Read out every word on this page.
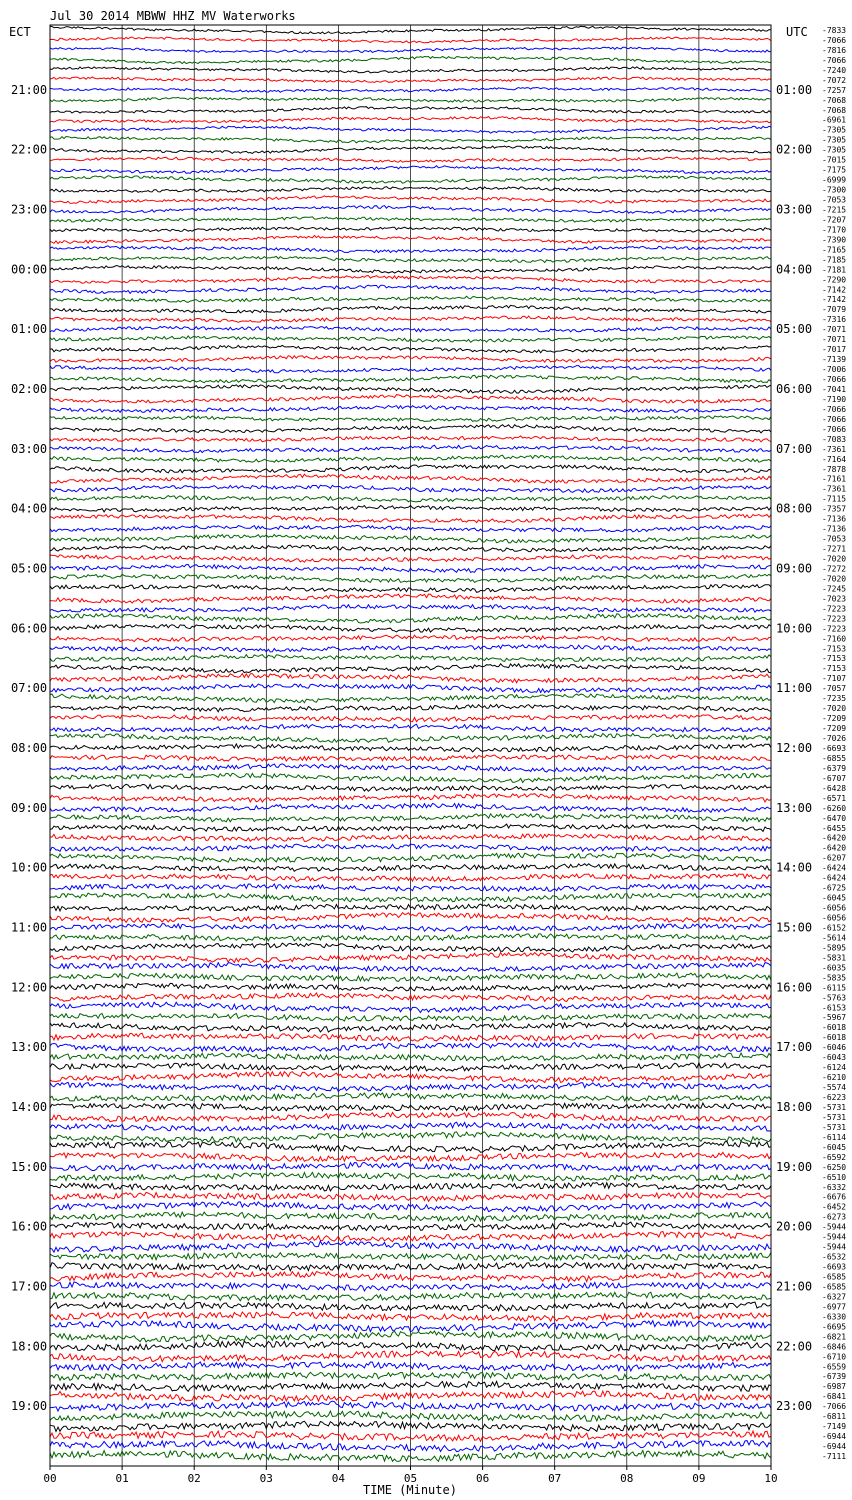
Jul 30 2014 MBWW HHZ MV Waterworks
ECT	UTC
21:00
22:00
23:00
00:00
01:00
02:00
03:00
04:00
05:00
06:00
07:00
08:00
09:00
10:00
11:00
12:00
13:00
14:00
15:00
16:00
17:00
18:00
19:00
01:00
02:00
03:00
04:00
05:00
06:00
07:00
08:00
09:00
10:00
11:00
12:00
13:00
14:00
15:00
16:00
17:00
18:00
19:00
20:00
21:00
22:00
23:00
-7833
-7066
-7816
-7066
-7240
-7072
-7257
-7068
-7068
-6961
-7305
-7305
-7305
-7015
-7175
-6999
-7300
-7053
-7215
-7207
-7170
-7390
-7165
-7185
-7181
-7290
-7142
-7142
-7079
-7316
-7071
-7071
-7017
-7139
-7006
-7066
-7041
-7190
-7066
-7066
-7066
-7083
-7361
-7164
-7878
-7161
-7361
-7115
-7357
-7136
-7136
-7053
-7271
-7020
-7272
-7020
-7245
-7023
-7223
-7223
-7223
-7160
-7153
-7153
-7153
-7107
-7057
-7235
-7020
-7209
-7209
-7026
-6693
-6855
-6379
-6707
-6428
-6571
-6260
-6470
-6455
-6420
-6420
-6207
-6424
-6424
-6725
-6045
-6056
-6056
-6152
-5614
-5895
-5831
-6035
-5835
-6115
-5763
-6153
-5967
-6018
-6018
-6046
-6043
-6124
-6210
-5574
-6223
-5731
-5731
-5731
-6114
-6045
-6592
-6250
-6510
-6332
-6676
-6452
-6273
-5944
-5944
-5944
-6532
-6693
-6585
-6585
-6327
-6977
-6330
-6695
-6821
-6846
-6710
-6559
-6739
-6987
-6841
-7066
-6811
-7149
-6944
-6944
-7111
00	01	02	03	04	05	06	07	08	09	10
TIME (Minute)
